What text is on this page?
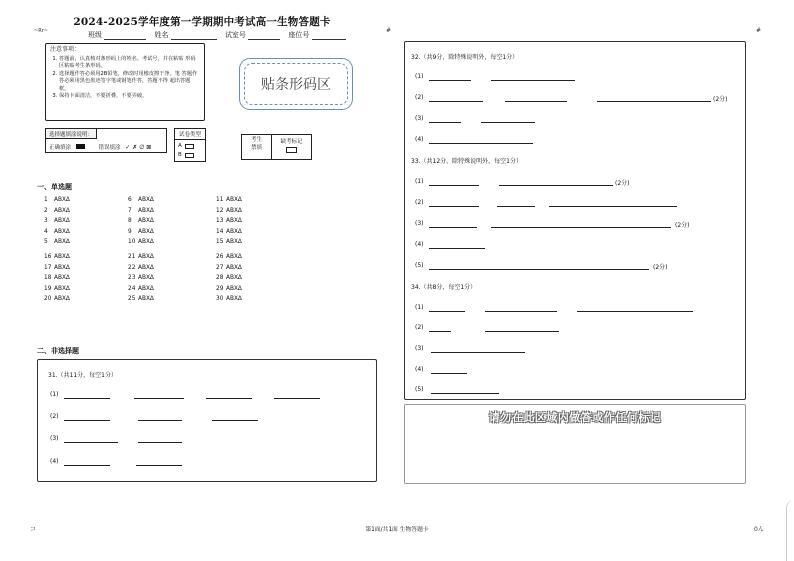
~Rr~	#	#
2024-2025学年度第一学期期中考试高一生物答题卡
班级	姓名	试室号	座位号
注意事项：
1. 答题前，认真核对条形码上的姓名、考试号，并在粘贴 形码区粘贴考生条形码。
2. 选择题作答必须用2B铅笔，修改时用橡皮擦干净。笔 答题作答必须用黑色墨迹签字笔或钢笔作答，答题不得 超出答题框。
3. 保持卡面清洁，不要折叠，不要弄破。
贴条形码区
选择题填涂说明：
正确填涂	错误填涂 ✓ ✗ ∅ ⊠
试卷类型
A
B
考生
禁填
缺考标记
一、单选题
1 ABXΔ
2 ABXΔ
3 ABXΔ
4 ABXΔ
5 ABXΔ
6 ABXΔ
7 ABXΔ
8 ABXΔ
9 ABXΔ
10 ABXΔ
11 ABXΔ
12 ABXΔ
13 ABXΔ
14 ABXΔ
15 ABXΔ
16 ABXΔ
17 ABXΔ
18 ABXΔ
19 ABXΔ
20 ABXΔ
21 ABXΔ
22 ABXΔ
23 ABXΔ
24 ABXΔ
25 ABXΔ
26 ABXΔ
27 ABXΔ
28 ABXΔ
29 ABXΔ
30 ABXΔ
二、非选择题
31.（共11分，每空1分）
(1)
(2)
(3)
(4)
32.（共9分，除特殊说明外，每空1分）
(1)
(2)	(2分)
(3)
(4)
33.（共12分，除特殊说明外，每空1分）
(1)	(2分)
(2)
(3)	(2分)
(4)
(5)	(2分)
34.（共8分，每空1分）
(1)
(2)
(3)
(4)
(5)
请勿在此区域内做答或作任何标记
第1面/共1面 生物答题卡
コ	0ん
